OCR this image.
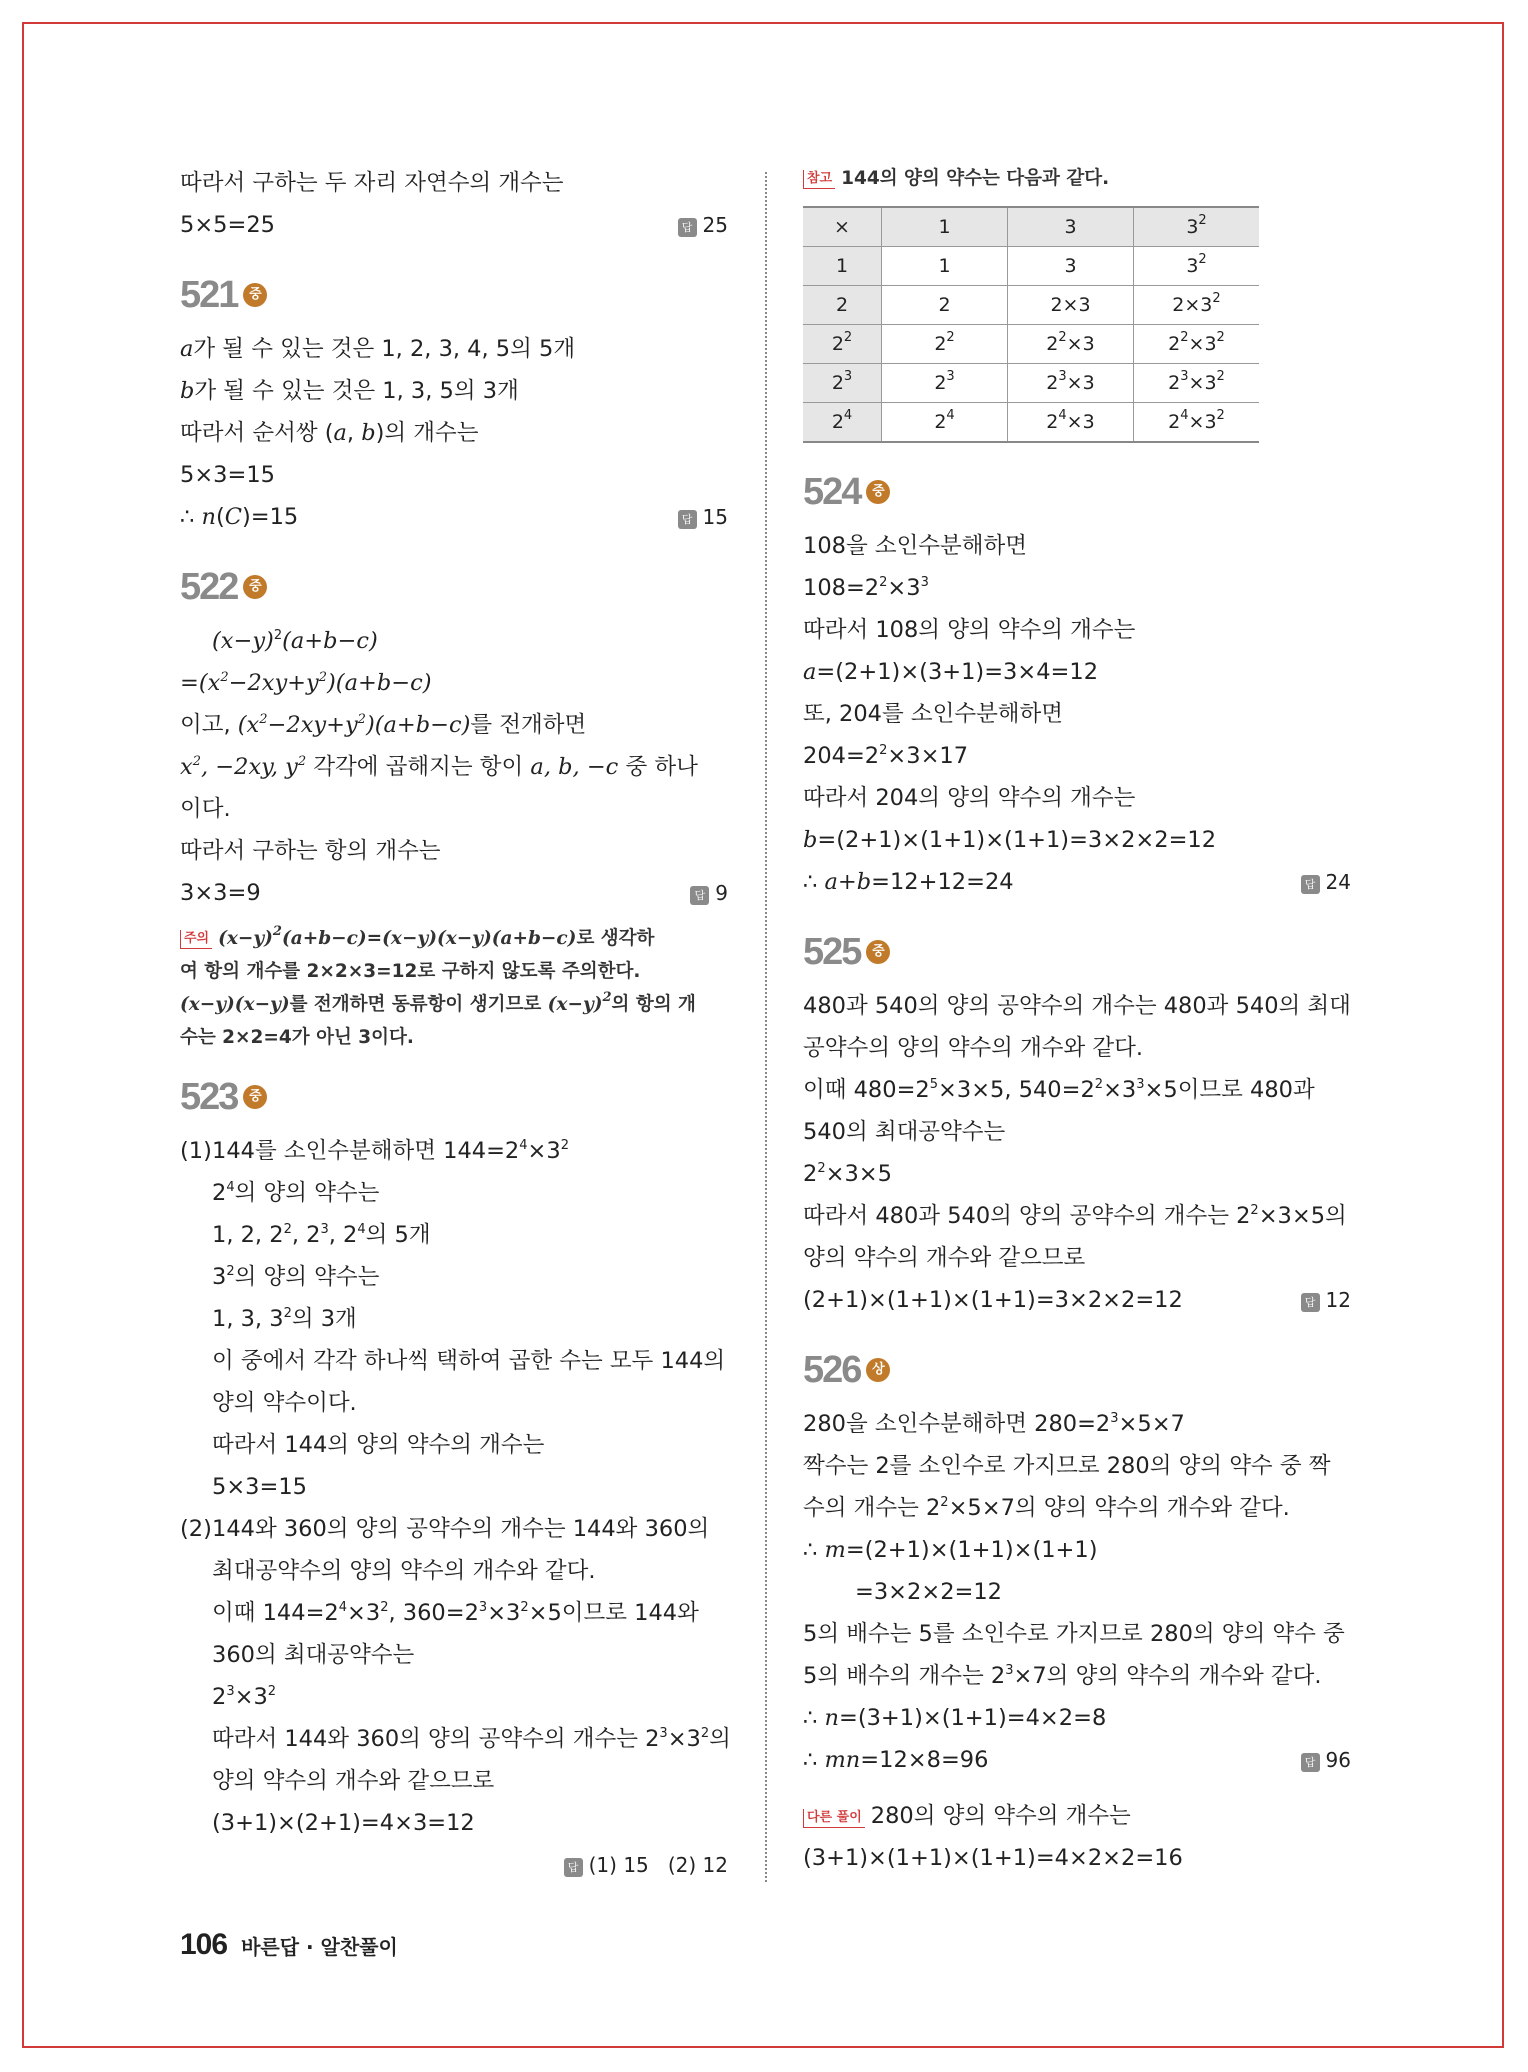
따라서 구하는 두 자리 자연수의 개수는
5×5=25	답 25
521 중
a가 될 수 있는 것은 1, 2, 3, 4, 5의 5개
b가 될 수 있는 것은 1, 3, 5의 3개
따라서 순서쌍 (a, b)의 개수는
5×3=15
∴ n(C)=15	답 15
522 중
$(x-y)^2(a+b-c)$
$=(x^2-2xy+y^2)(a+b-c)$
이고, $(x^2-2xy+y^2)(a+b-c)$를 전개하면
$x^2$, −2xy, $y^2$ 각각에 곱해지는 항이 a, b, −c 중 하나
이다.
따라서 구하는 항의 개수는
3×3=9	답 9
주의 $(x-y)^2(a+b-c)=(x-y)(x-y)(a+b-c)$로 생각하
여 항의 개수를 2×2×3=12로 구하지 않도록 주의한다.
(x−y)(x−y)를 전개하면 동류항이 생기므로 $(x-y)^2$의 항의 개
수는 2×2=4가 아닌 3이다.
523 중
(1) 144를 소인수분해하면 $144=2^4\times 3^2$
$2^4$의 양의 약수는
1, 2, $2^2$, $2^3$, $2^4$의 5개
$3^2$의 양의 약수는
1, 3, $3^2$의 3개
이 중에서 각각 하나씩 택하여 곱한 수는 모두 144의
양의 약수이다.
따라서 144의 양의 약수의 개수는
5×3=15
(2) 144와 360의 양의 공약수의 개수는 144와 360의
최대공약수의 양의 약수의 개수와 같다.
이때 $144=2^4\times 3^2$, $360=2^3\times 3^2\times 5$이므로 144와
360의 최대공약수는
$2^3\times 3^2$
따라서 144와 360의 양의 공약수의 개수는 $2^3\times 3^2$의
양의 약수의 개수와 같으므로
(3+1)×(2+1)=4×3=12
답 (1) 15 (2) 12
참고 144의 양의 약수는 다음과 같다.
×	1	3	$3^2$
1	1	3	$3^2$
2	2	2×3	$2\times 3^2$
$2^2$	$2^2$	$2^2\times 3$	$2^2\times 3^2$
$2^3$	$2^3$	$2^3\times 3$	$2^3\times 3^2$
$2^4$	$2^4$	$2^4\times 3$	$2^4\times 3^2$
524 중
108을 소인수분해하면
$108=2^2\times 3^3$
따라서 108의 양의 약수의 개수는
a=(2+1)×(3+1)=3×4=12
또, 204를 소인수분해하면
$204=2^2\times 3\times 17$
따라서 204의 양의 약수의 개수는
b=(2+1)×(1+1)×(1+1)=3×2×2=12
∴ a+b=12+12=24	답 24
525 중
480과 540의 양의 공약수의 개수는 480과 540의 최대
공약수의 양의 약수의 개수와 같다.
이때 $480=2^5\times 3\times 5$, $540=2^2\times 3^3\times 5$이므로 480과
540의 최대공약수는
$2^2\times 3\times 5$
따라서 480과 540의 양의 공약수의 개수는 $2^2\times 3\times 5$의
양의 약수의 개수와 같으므로
(2+1)×(1+1)×(1+1)=3×2×2=12	답 12
526 상
280을 소인수분해하면 $280=2^3\times 5\times 7$
짝수는 2를 소인수로 가지므로 280의 양의 약수 중 짝
수의 개수는 $2^2\times 5\times 7$의 양의 약수의 개수와 같다.
∴ m=(2+1)×(1+1)×(1+1)
=3×2×2=12
5의 배수는 5를 소인수로 가지므로 280의 양의 약수 중
5의 배수의 개수는 $2^3\times 7$의 양의 약수의 개수와 같다.
∴ n=(3+1)×(1+1)=4×2=8
∴ mn=12×8=96	답 96
다른 풀이 280의 양의 약수의 개수는
(3+1)×(1+1)×(1+1)=4×2×2=16
106 바른답 · 알찬풀이
